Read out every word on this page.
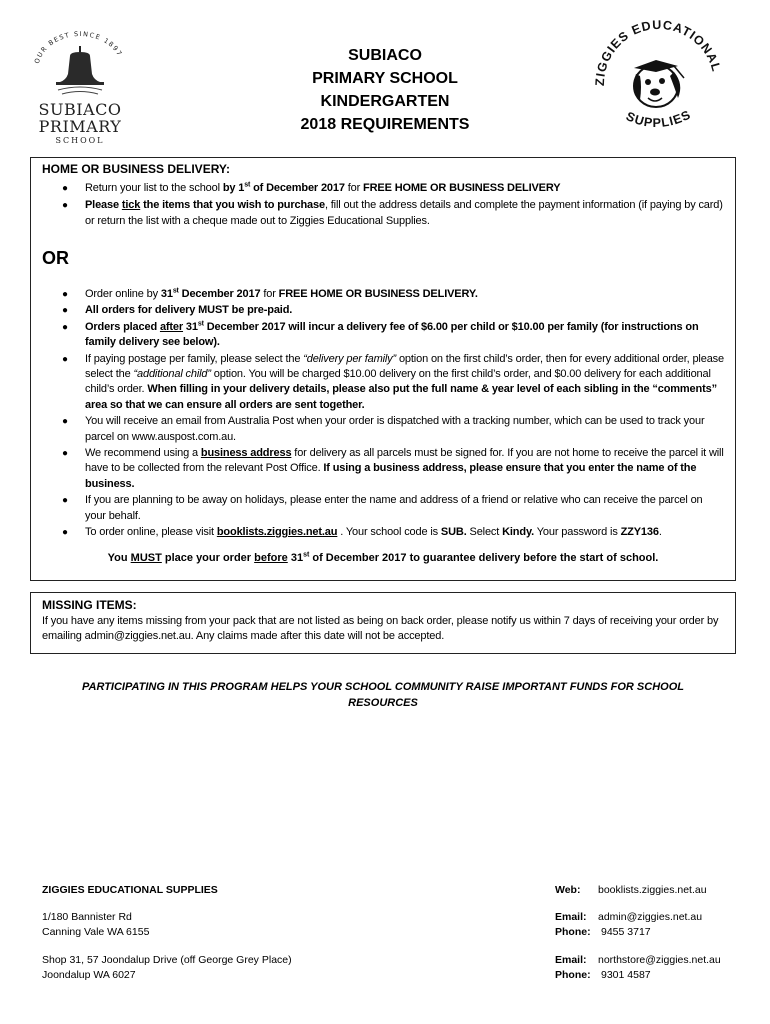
OUR BEST SINCE 1897
SUBIACO
PRIMARY
SCHOOL
SUBIACO
PRIMARY SCHOOL
KINDERGARTEN
2018 REQUIREMENTS
ZIGGIES EDUCATIONAL
SUPPLIES
HOME OR BUSINESS DELIVERY:
● Return your list to the school by 1st of December 2017 for FREE HOME OR BUSINESS DELIVERY
● Please tick the items that you wish to purchase, fill out the address details and complete the payment information (if paying by card) or return the list with a cheque made out to Ziggies Educational Supplies.
OR
● Order online by 31st December 2017 for FREE HOME OR BUSINESS DELIVERY.
● All orders for delivery MUST be pre-paid.
● Orders placed after 31st December 2017 will incur a delivery fee of $6.00 per child or $10.00 per family (for instructions on family delivery see below).
● If paying postage per family, please select the “delivery per family” option on the first child’s order, then for every additional order, please select the “additional child” option. You will be charged $10.00 delivery on the first child’s order, and $0.00 delivery for each additional child’s order. When filling in your delivery details, please also put the full name & year level of each sibling in the “comments” area so that we can ensure all orders are sent together.
● You will receive an email from Australia Post when your order is dispatched with a tracking number, which can be used to track your parcel on www.auspost.com.au.
● We recommend using a business address for delivery as all parcels must be signed for. If you are not home to receive the parcel it will have to be collected from the relevant Post Office. If using a business address, please ensure that you enter the name of the business.
● If you are planning to be away on holidays, please enter the name and address of a friend or relative who can receive the parcel on your behalf.
● To order online, please visit booklists.ziggies.net.au . Your school code is SUB. Select Kindy. Your password is ZZY136.
You MUST place your order before 31st of December 2017 to guarantee delivery before the start of school.
MISSING ITEMS:
If you have any items missing from your pack that are not listed as being on back order, please notify us within 7 days of receiving your order by emailing admin@ziggies.net.au. Any claims made after this date will not be accepted.
PARTICIPATING IN THIS PROGRAM HELPS YOUR SCHOOL COMMUNITY RAISE IMPORTANT FUNDS FOR SCHOOL RESOURCES
ZIGGIES EDUCATIONAL SUPPLIES
1/180 Bannister Rd
Canning Vale WA 6155
Shop 31, 57 Joondalup Drive (off George Grey Place)
Joondalup WA 6027
Web: booklists.ziggies.net.au
Email: admin@ziggies.net.au
Phone: 9455 3717
Email: northstore@ziggies.net.au
Phone: 9301 4587
